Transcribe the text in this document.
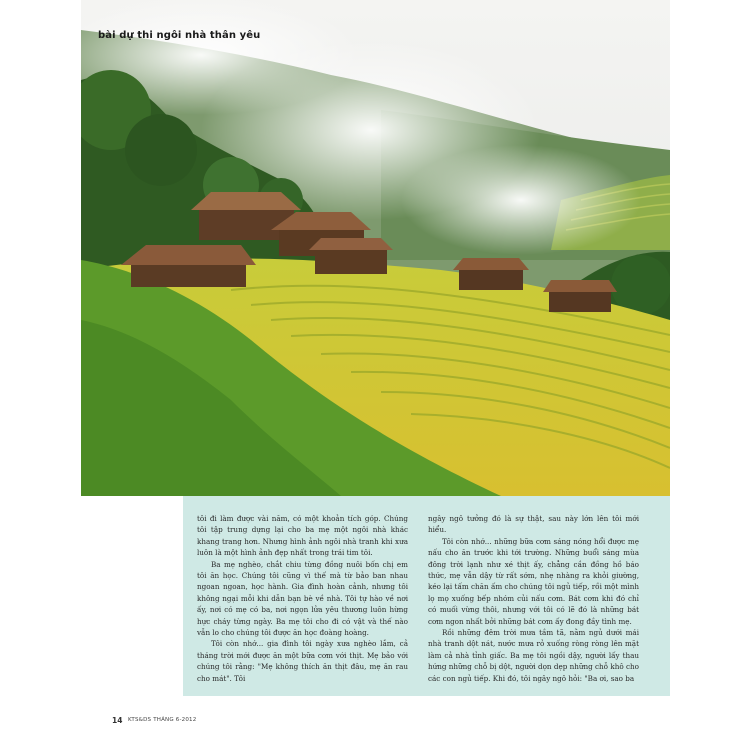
bài dự thi ngôi nhà thân yêu

tôi đi làm được vài năm, có một khoản tích góp. Chúng tôi tập trung dựng lại cho ba mẹ một ngôi nhà khác khang trang hơn. Nhưng hình ảnh ngôi nhà tranh khi xưa luôn là một hình ảnh đẹp nhất trong trái tim tôi.

Ba mẹ nghèo, chắt chiu từng đồng nuôi bốn chị em tôi ăn học. Chúng tôi cũng vì thế mà từ bảo ban nhau ngoan ngoan, học hành. Gia đình hoàn cảnh, nhưng tôi không ngại mỗi khi dẫn bạn bè về nhà. Tôi tự hào về nơi ấy, nơi có mẹ có ba, nơi ngọn lửa yêu thương luôn hừng hực cháy từng ngày. Ba mẹ tôi cho đi có vật và thế nào vẫn lo cho chúng tôi được ăn học đoàng hoàng.

Tôi còn nhớ... gia đình tôi ngày xưa nghèo lắm, cả tháng trời mới được ăn một bữa cơm với thịt. Mẹ bảo với chúng tôi rằng: "Mẹ không thích ăn thịt đâu, mẹ ăn rau cho mát". Tôi

ngây ngô tưởng đó là sự thật, sau này lớn lên tôi mới hiểu.

Tôi còn nhớ... những bữa cơm sáng nóng hổi được mẹ nấu cho ăn trước khi tới trường. Những buổi sáng mùa đông trời lạnh như xé thịt ấy, chẳng cần đồng hồ báo thức, mẹ vẫn dậy từ rất sớm, nhẹ nhàng ra khỏi giường, kéo lại tấm chăn ấm cho chúng tôi ngủ tiếp, rồi một mình lọ mọ xuống bếp nhóm củi nấu cơm. Bát cơm khi đó chỉ có muối vừng thôi, nhưng với tôi có lẽ đó là những bát cơm ngon nhất bởi những bát cơm ấy đong đầy tình mẹ.

Rồi những đêm trời mưa tầm tã, nằm ngủ dưới mái nhà tranh dột nát, nước mưa rỏ xuống ròng ròng lên mặt làm cả nhà tỉnh giấc. Ba mẹ tôi ngồi dậy, người lấy thau hứng những chỗ bị dột, người dọn dẹp những chỗ khô cho các con ngủ tiếp. Khi đó, tôi ngây ngô hỏi: "Ba ơi, sao ba

14 KTS&DS THÁNG 6-2012
